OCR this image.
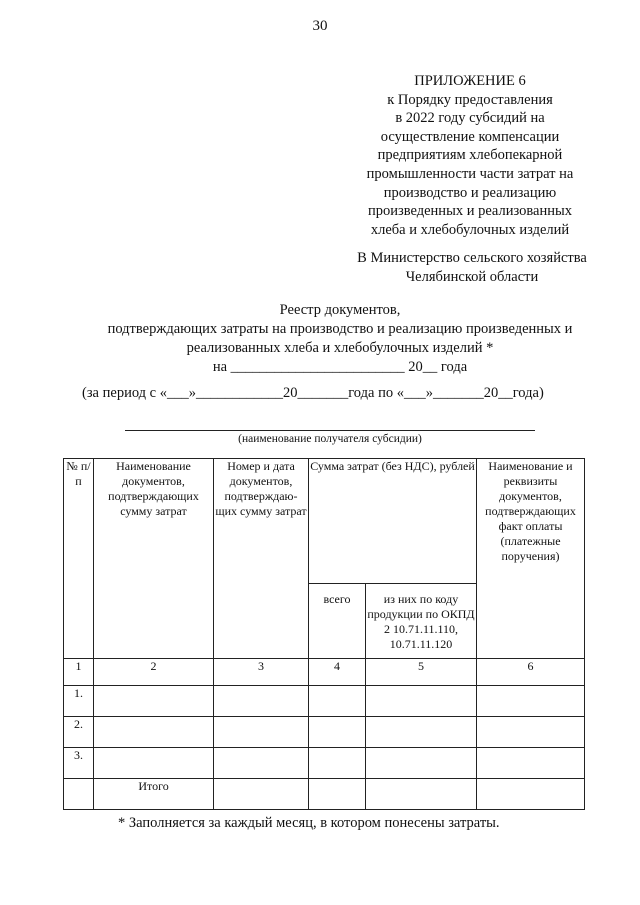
30
ПРИЛОЖЕНИЕ 6
к Порядку предоставления
в 2022 году субсидий на
осуществление компенсации
предприятиям хлебопекарной
промышленности части затрат на
производство и реализацию
произведенных и реализованных
хлеба и хлебобулочных изделий
В Министерство сельского хозяйства
Челябинской области
Реестр документов,
подтверждающих затраты на производство и реализацию произведенных и
реализованных хлеба и хлебобулочных изделий *
на ________________________ 20__ года
(за период с «___»____________20_______года по «___»_______20__года)
(наименование получателя субсидии)
№ п/п	Наименование документов, подтверждающих сумму затрат	Номер и дата документов, подтверждаю-щих сумму затрат	Сумма затрат (без НДС), рублей		Наименование и реквизиты документов, подтверждающих факт оплаты (платежные поручения)
			всего	из них по коду продукции по ОКПД 2 10.71.11.110, 10.71.11.120	
1	2	3	4	5	6
1.					
2.					
3.					
	Итого				
* Заполняется за каждый месяц, в котором понесены затраты.
